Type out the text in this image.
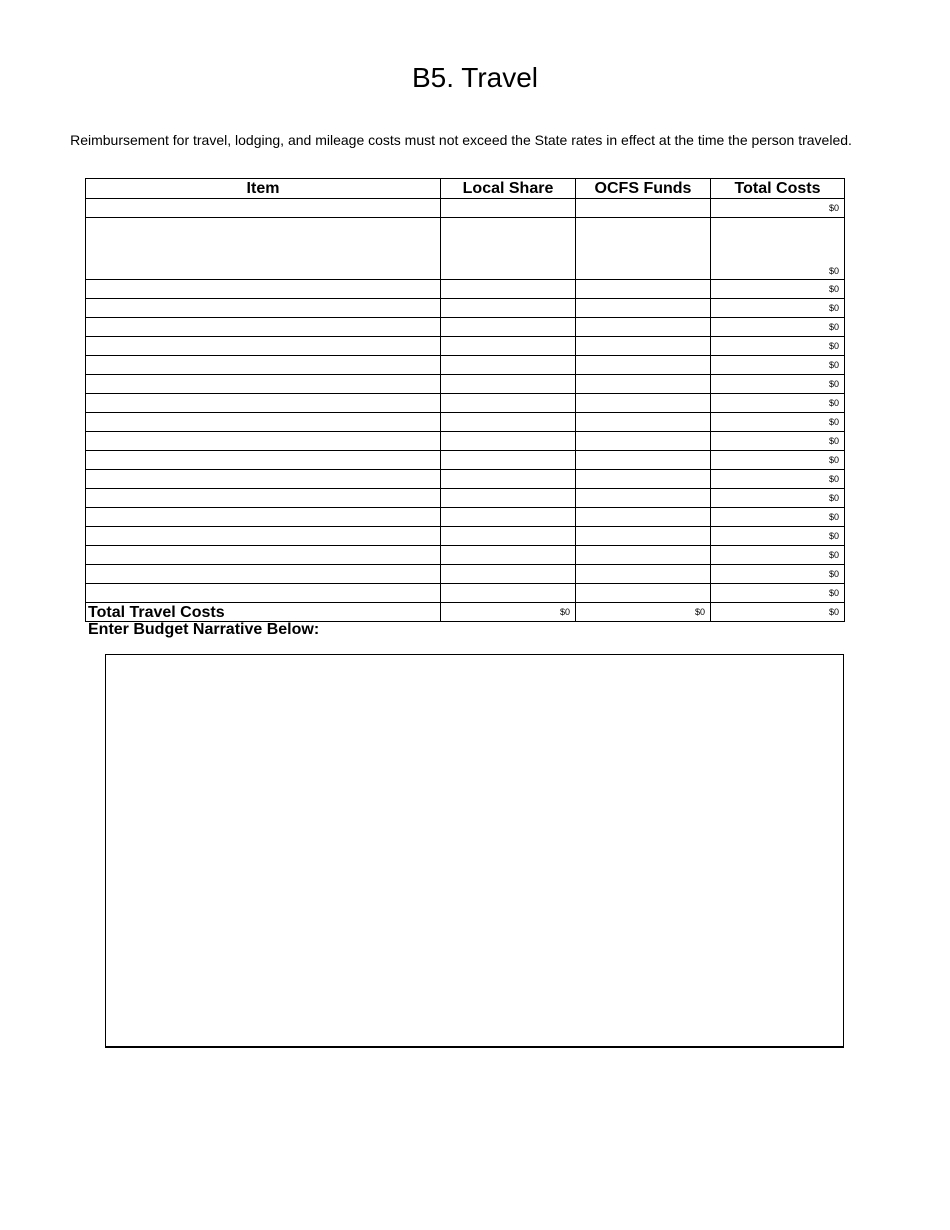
B5. Travel
Reimbursement for travel, lodging, and mileage costs must not exceed the State rates in effect at the time the person traveled.
Item	Local Share	OCFS Funds	Total Costs
			$0
			$0
			$0
			$0
			$0
			$0
			$0
			$0
			$0
			$0
			$0
			$0
			$0
			$0
			$0
			$0
			$0
			$0
			$0
Total Travel Costs	$0	$0	$0
Enter Budget Narrative Below:
